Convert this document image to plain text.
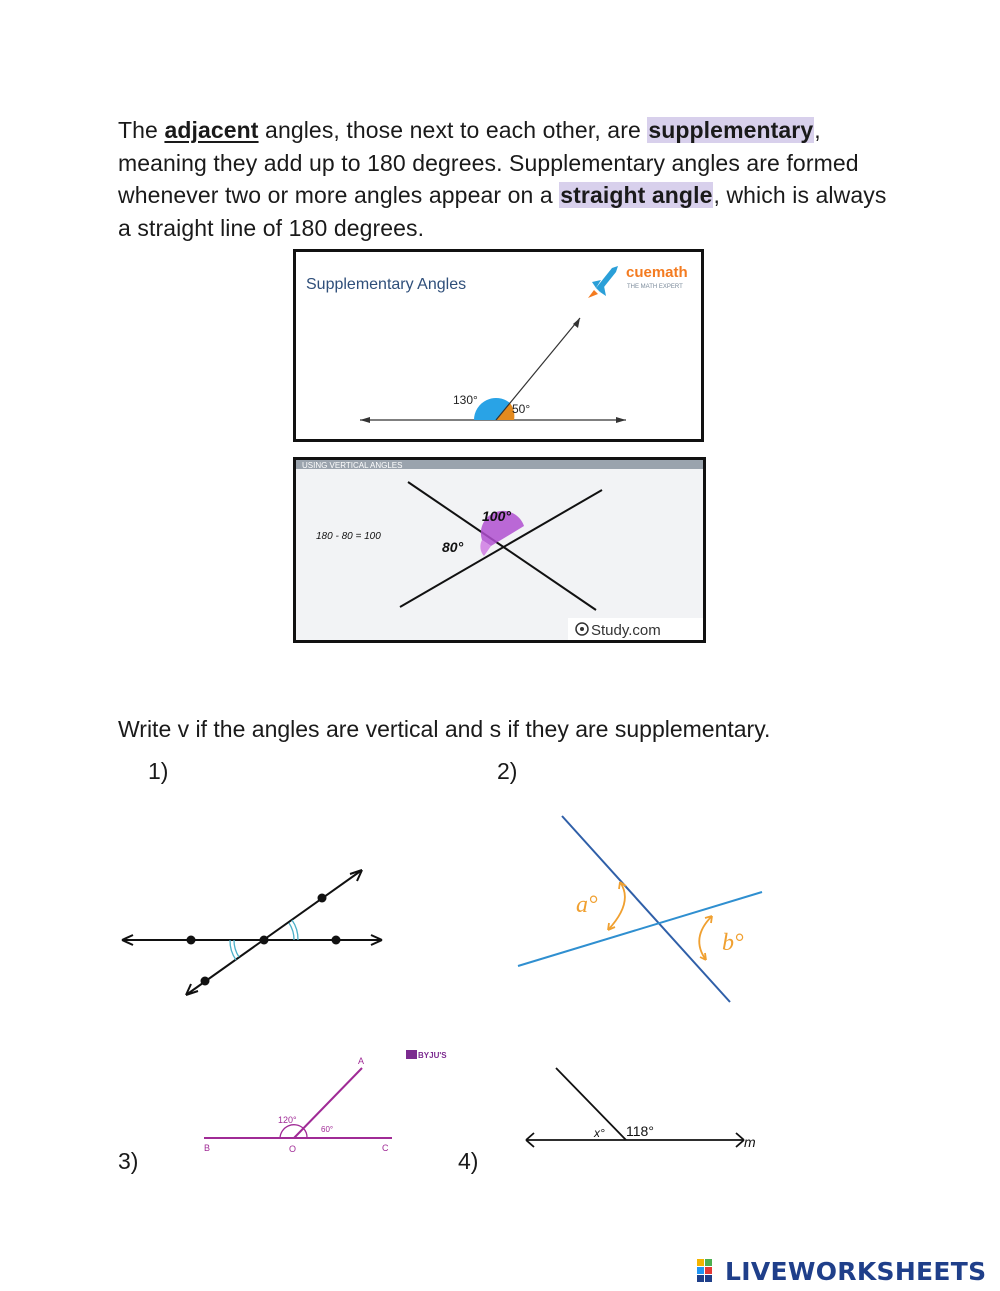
The adjacent angles, those next to each other, are supplementary, meaning they add up to 180 degrees. Supplementary angles are formed whenever two or more angles appear on a straight angle, which is always a straight line of 180 degrees.

Supplementary Angles
cuemath
THE MATH EXPERT
130°
50°
USING VERTICAL ANGLES
100°
80°
180 - 80 = 100
Study.com

Write v if the angles are vertical and s if they are supplementary.

1)	2)
3)	4)
a°
b°
A
B	O	C
120°
60°
BYJU'S
x° 118°
m
LIVEWORKSHEETS
